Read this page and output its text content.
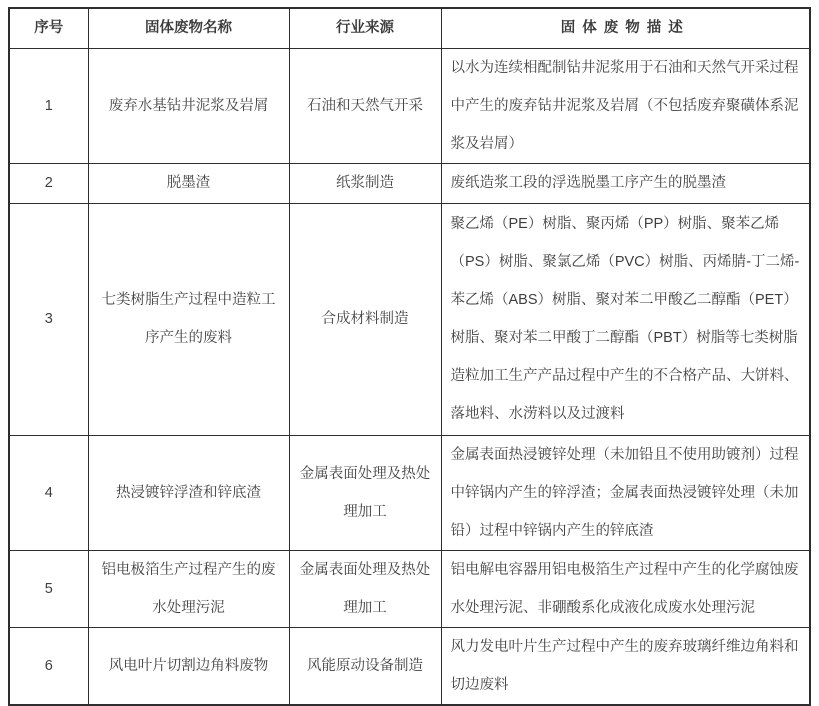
序号	固体废物名称	行业来源	固体废物描述
1	废弃水基钻井泥浆及岩屑	石油和天然气开采	以水为连续相配制钻井泥浆用于石油和天然气开采过程中产生的废弃钻井泥浆及岩屑（不包括废弃聚磺体系泥浆及岩屑）
2	脱墨渣	纸浆制造	废纸造浆工段的浮选脱墨工序产生的脱墨渣
3	七类树脂生产过程中造粒工序产生的废料	合成材料制造	聚乙烯（PE）树脂、聚丙烯（PP）树脂、聚苯乙烯（PS）树脂、聚氯乙烯（PVC）树脂、丙烯腈-丁二烯-苯乙烯（ABS）树脂、聚对苯二甲酸乙二醇酯（PET）树脂、聚对苯二甲酸丁二醇酯（PBT）树脂等七类树脂造粒加工生产产品过程中产生的不合格产品、大饼料、落地料、水涝料以及过渡料
4	热浸镀锌浮渣和锌底渣	金属表面处理及热处理加工	金属表面热浸镀锌处理（未加铅且不使用助镀剂）过程中锌锅内产生的锌浮渣；金属表面热浸镀锌处理（未加铅）过程中锌锅内产生的锌底渣
5	铝电极箔生产过程产生的废水处理污泥	金属表面处理及热处理加工	铝电解电容器用铝电极箔生产过程中产生的化学腐蚀废水处理污泥、非硼酸系化成液化成废水处理污泥
6	风电叶片切割边角料废物	风能原动设备制造	风力发电叶片生产过程中产生的废弃玻璃纤维边角料和切边废料
